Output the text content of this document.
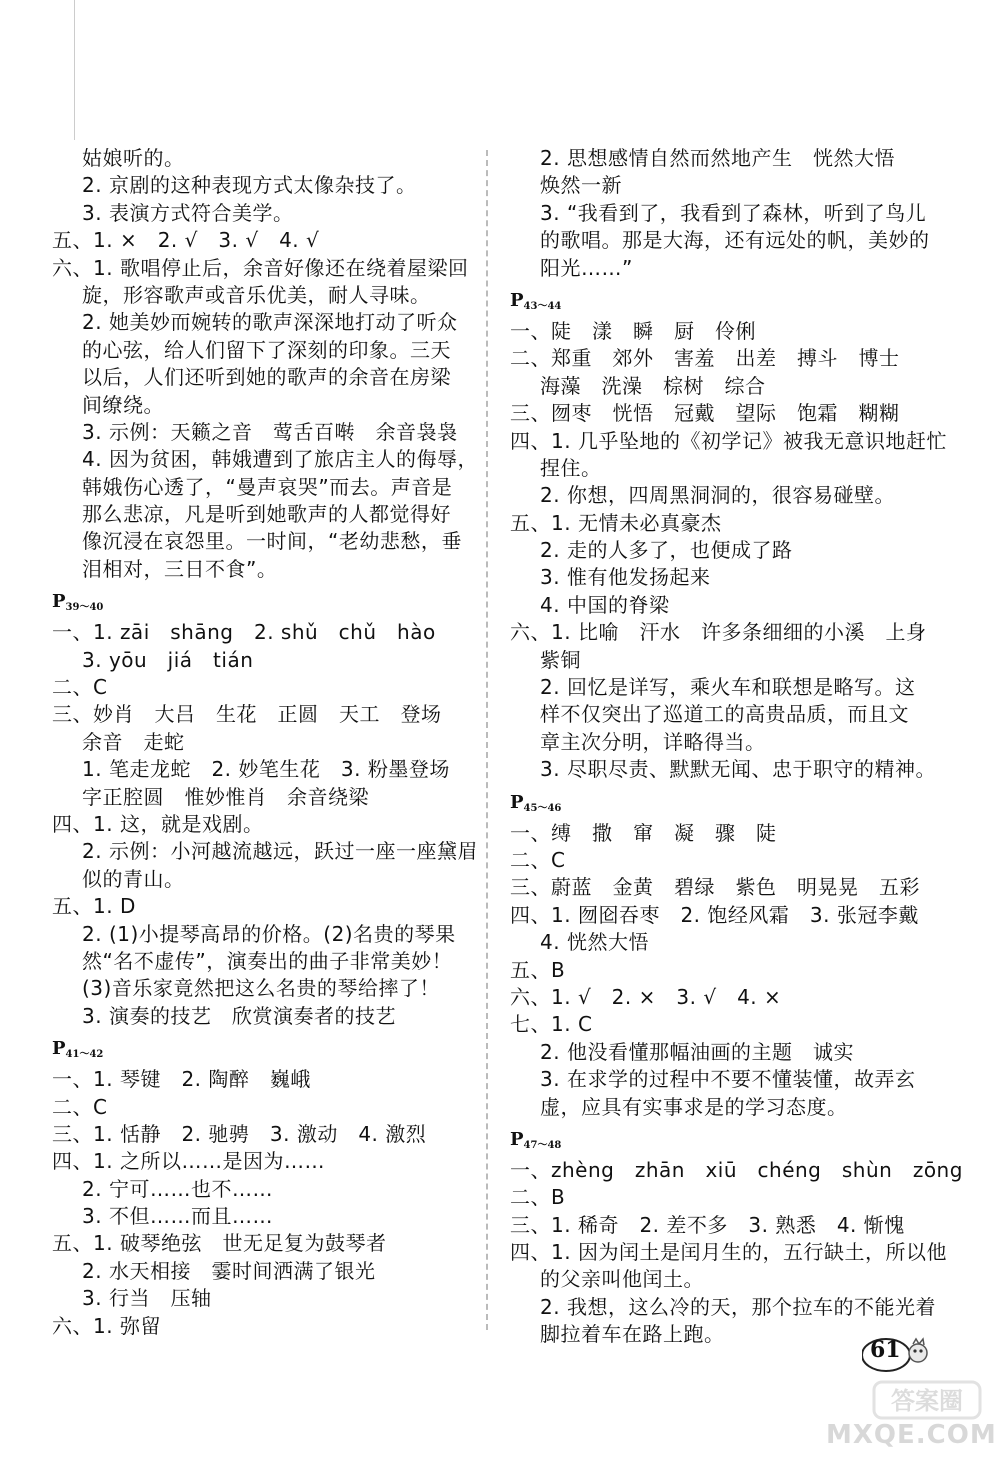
姑娘听的。
2. 京剧的这种表现方式太像杂技了。
3. 表演方式符合美学。
五、1. ×　2. √　3. √　4. √
六、1. 歌唱停止后，余音好像还在绕着屋梁回
旋，形容歌声或音乐优美，耐人寻味。
2. 她美妙而婉转的歌声深深地打动了听众
的心弦，给人们留下了深刻的印象。三天
以后，人们还听到她的歌声的余音在房梁
间缭绕。
3. 示例：天籁之音　莺舌百啭　余音袅袅
4. 因为贫困，韩娥遭到了旅店主人的侮辱，
韩娥伤心透了，“曼声哀哭”而去。声音是
那么悲凉，凡是听到她歌声的人都觉得好
像沉浸在哀怨里。一时间，“老幼悲愁，垂
泪相对，三日不食”。
$P_{39\sim 40}$
一、1. zāi　shāng　2. shǔ　chǔ　hào
3. yōu　jiá　tián
二、C
三、妙肖　大吕　生花　正圆　天工　登场
余音　走蛇
1. 笔走龙蛇　2. 妙笔生花　3. 粉墨登场
字正腔圆　惟妙惟肖　余音绕梁
四、1. 这，就是戏剧。
2. 示例：小河越流越远，跃过一座一座黛眉
似的青山。
五、1. D
2. (1)小提琴高昂的价格。(2)名贵的琴果
然“名不虚传”，演奏出的曲子非常美妙！
(3)音乐家竟然把这么名贵的琴给摔了！
3. 演奏的技艺　欣赏演奏者的技艺
$P_{41\sim 42}$
一、1. 琴键　2. 陶醉　巍峨
二、C
三、1. 恬静　2. 驰骋　3. 激动　4. 激烈
四、1. 之所以……是因为……
2. 宁可……也不……
3. 不但……而且……
五、1. 破琴绝弦　世无足复为鼓琴者
2. 水天相接　霎时间洒满了银光
3. 行当　压轴
六、1. 弥留
2. 思想感情自然而然地产生　恍然大悟
焕然一新
3. “我看到了，我看到了森林，听到了鸟儿
的歌唱。那是大海，还有远处的帆，美妙的
阳光……”
$P_{43\sim 44}$
一、陡　漾　瞬　厨　伶俐
二、郑重　郊外　害羞　出差　搏斗　博士
海藻　洗澡　棕树　综合
三、囫枣　恍悟　冠戴　望际　饱霜　糊糊
四、1. 几乎坠地的《初学记》被我无意识地赶忙
捏住。
2. 你想，四周黑洞洞的，很容易碰壁。
五、1. 无情未必真豪杰
2. 走的人多了，也便成了路
3. 惟有他发扬起来
4. 中国的脊梁
六、1. 比喻　汗水　许多条细细的小溪　上身
紫铜
2. 回忆是详写，乘火车和联想是略写。这
样不仅突出了巡道工的高贵品质，而且文
章主次分明，详略得当。
3. 尽职尽责、默默无闻、忠于职守的精神。
$P_{45\sim 46}$
一、缚　撒　窜　凝　骤　陡
二、C
三、蔚蓝　金黄　碧绿　紫色　明晃晃　五彩
四、1. 囫囵吞枣　2. 饱经风霜　3. 张冠李戴
4. 恍然大悟
五、B
六、1. √　2. ×　3. √　4. ×
七、1. C
2. 他没看懂那幅油画的主题　诚实
3. 在求学的过程中不要不懂装懂，故弄玄
虚，应具有实事求是的学习态度。
$P_{47\sim 48}$
一、zhèng　zhān　xiū　chéng　shùn　zōng
二、B
三、1. 稀奇　2. 差不多　3. 熟悉　4. 惭愧
四、1. 因为闰土是闰月生的，五行缺土，所以他
的父亲叫他闰土。
2. 我想，这么冷的天，那个拉车的不能光着
脚拉着车在路上跑。
61
答案圈
MXQE.COM
